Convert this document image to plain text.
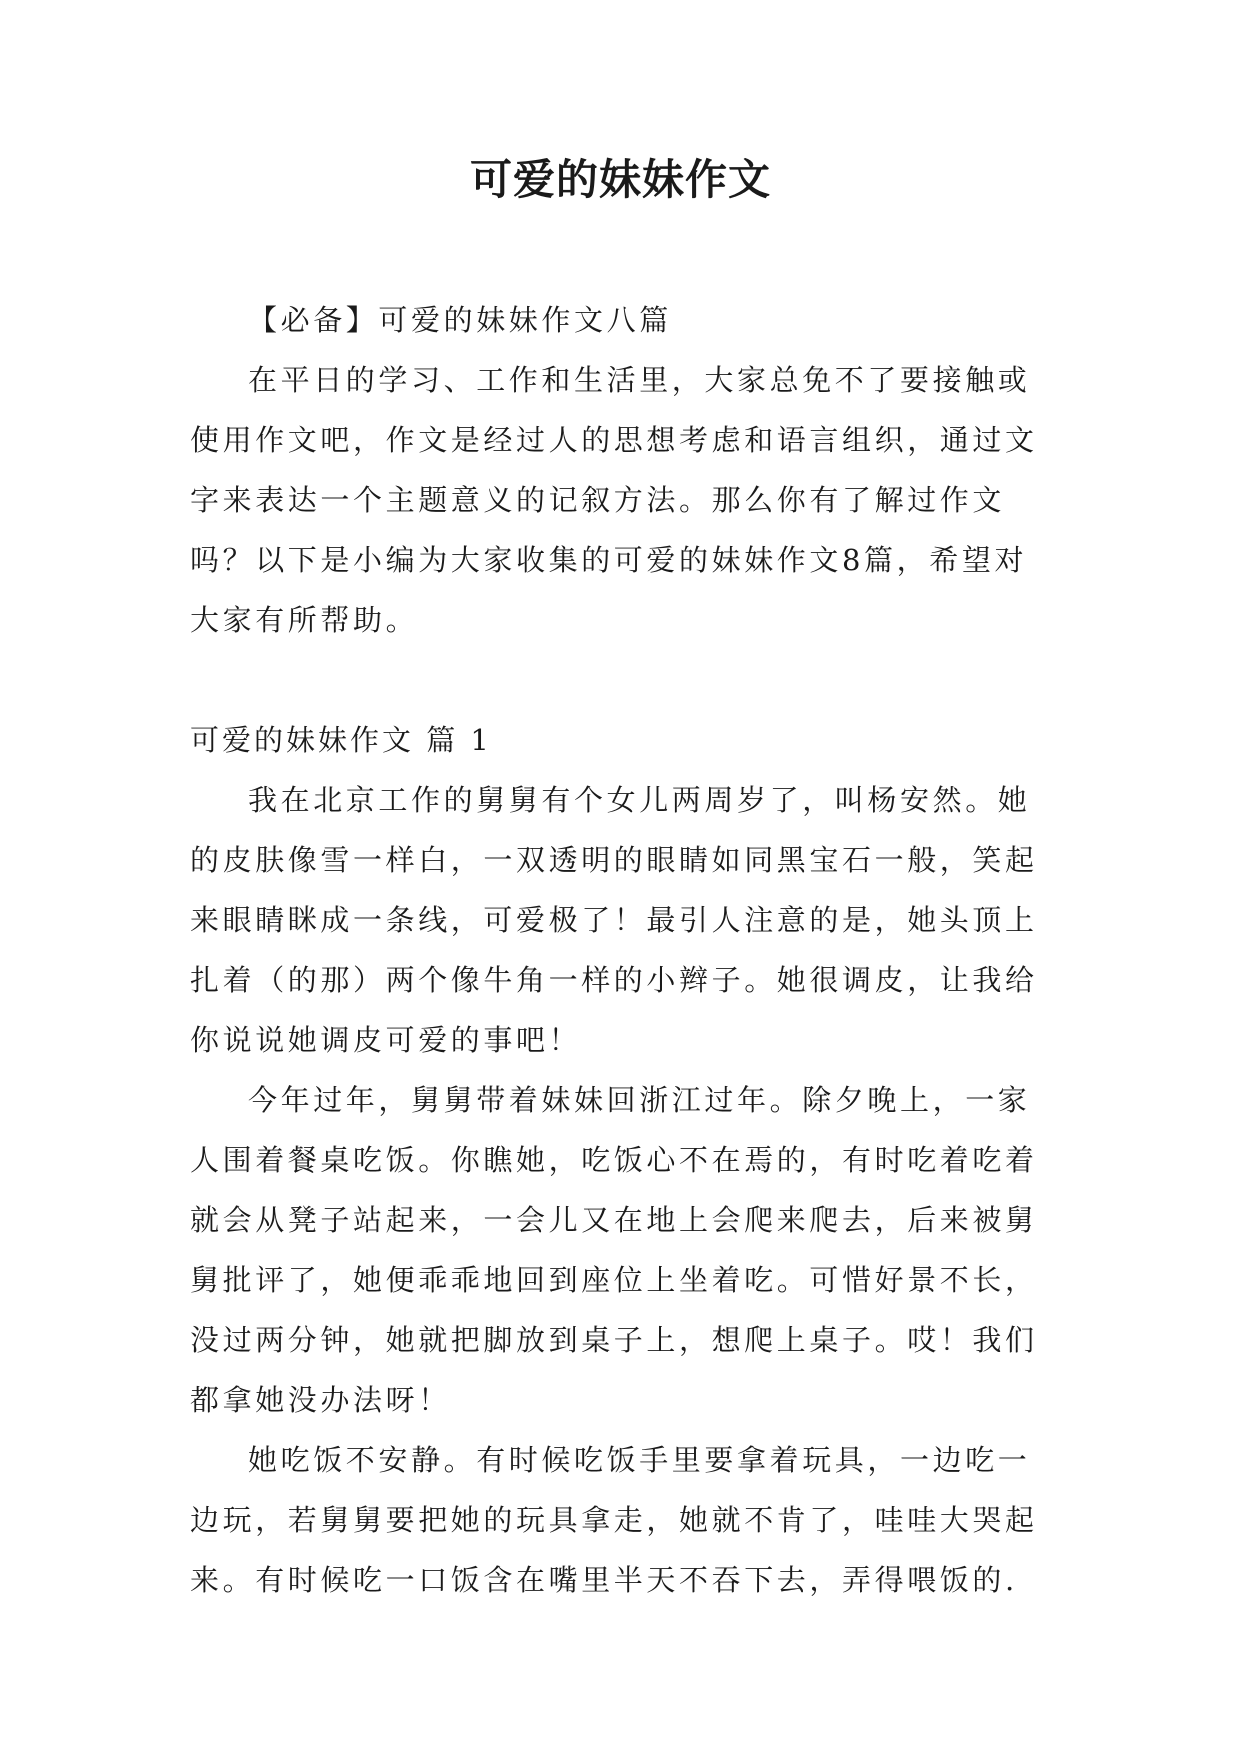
可爱的妹妹作文

【必备】可爱的妹妹作文八篇

在平日的学习、工作和生活里，大家总免不了要接触或使用作文吧，作文是经过人的思想考虑和语言组织，通过文字来表达一个主题意义的记叙方法。那么你有了解过作文吗？以下是小编为大家收集的可爱的妹妹作文8篇，希望对大家有所帮助。

可爱的妹妹作文 篇 1

我在北京工作的舅舅有个女儿两周岁了，叫杨安然。她的皮肤像雪一样白，一双透明的眼睛如同黑宝石一般，笑起来眼睛眯成一条线，可爱极了！最引人注意的是，她头顶上扎着（的那）两个像牛角一样的小辫子。她很调皮，让我给你说说她调皮可爱的事吧！

今年过年，舅舅带着妹妹回浙江过年。除夕晚上，一家人围着餐桌吃饭。你瞧她，吃饭心不在焉的，有时吃着吃着就会从凳子站起来，一会儿又在地上会爬来爬去，后来被舅舅批评了，她便乖乖地回到座位上坐着吃。可惜好景不长，没过两分钟，她就把脚放到桌子上，想爬上桌子。哎！我们都拿她没办法呀！

她吃饭不安静。有时候吃饭手里要拿着玩具，一边吃一边玩，若舅舅要把她的玩具拿走，她就不肯了，哇哇大哭起来。有时候吃一口饭含在嘴里半天不吞下去，弄得喂饭的.
